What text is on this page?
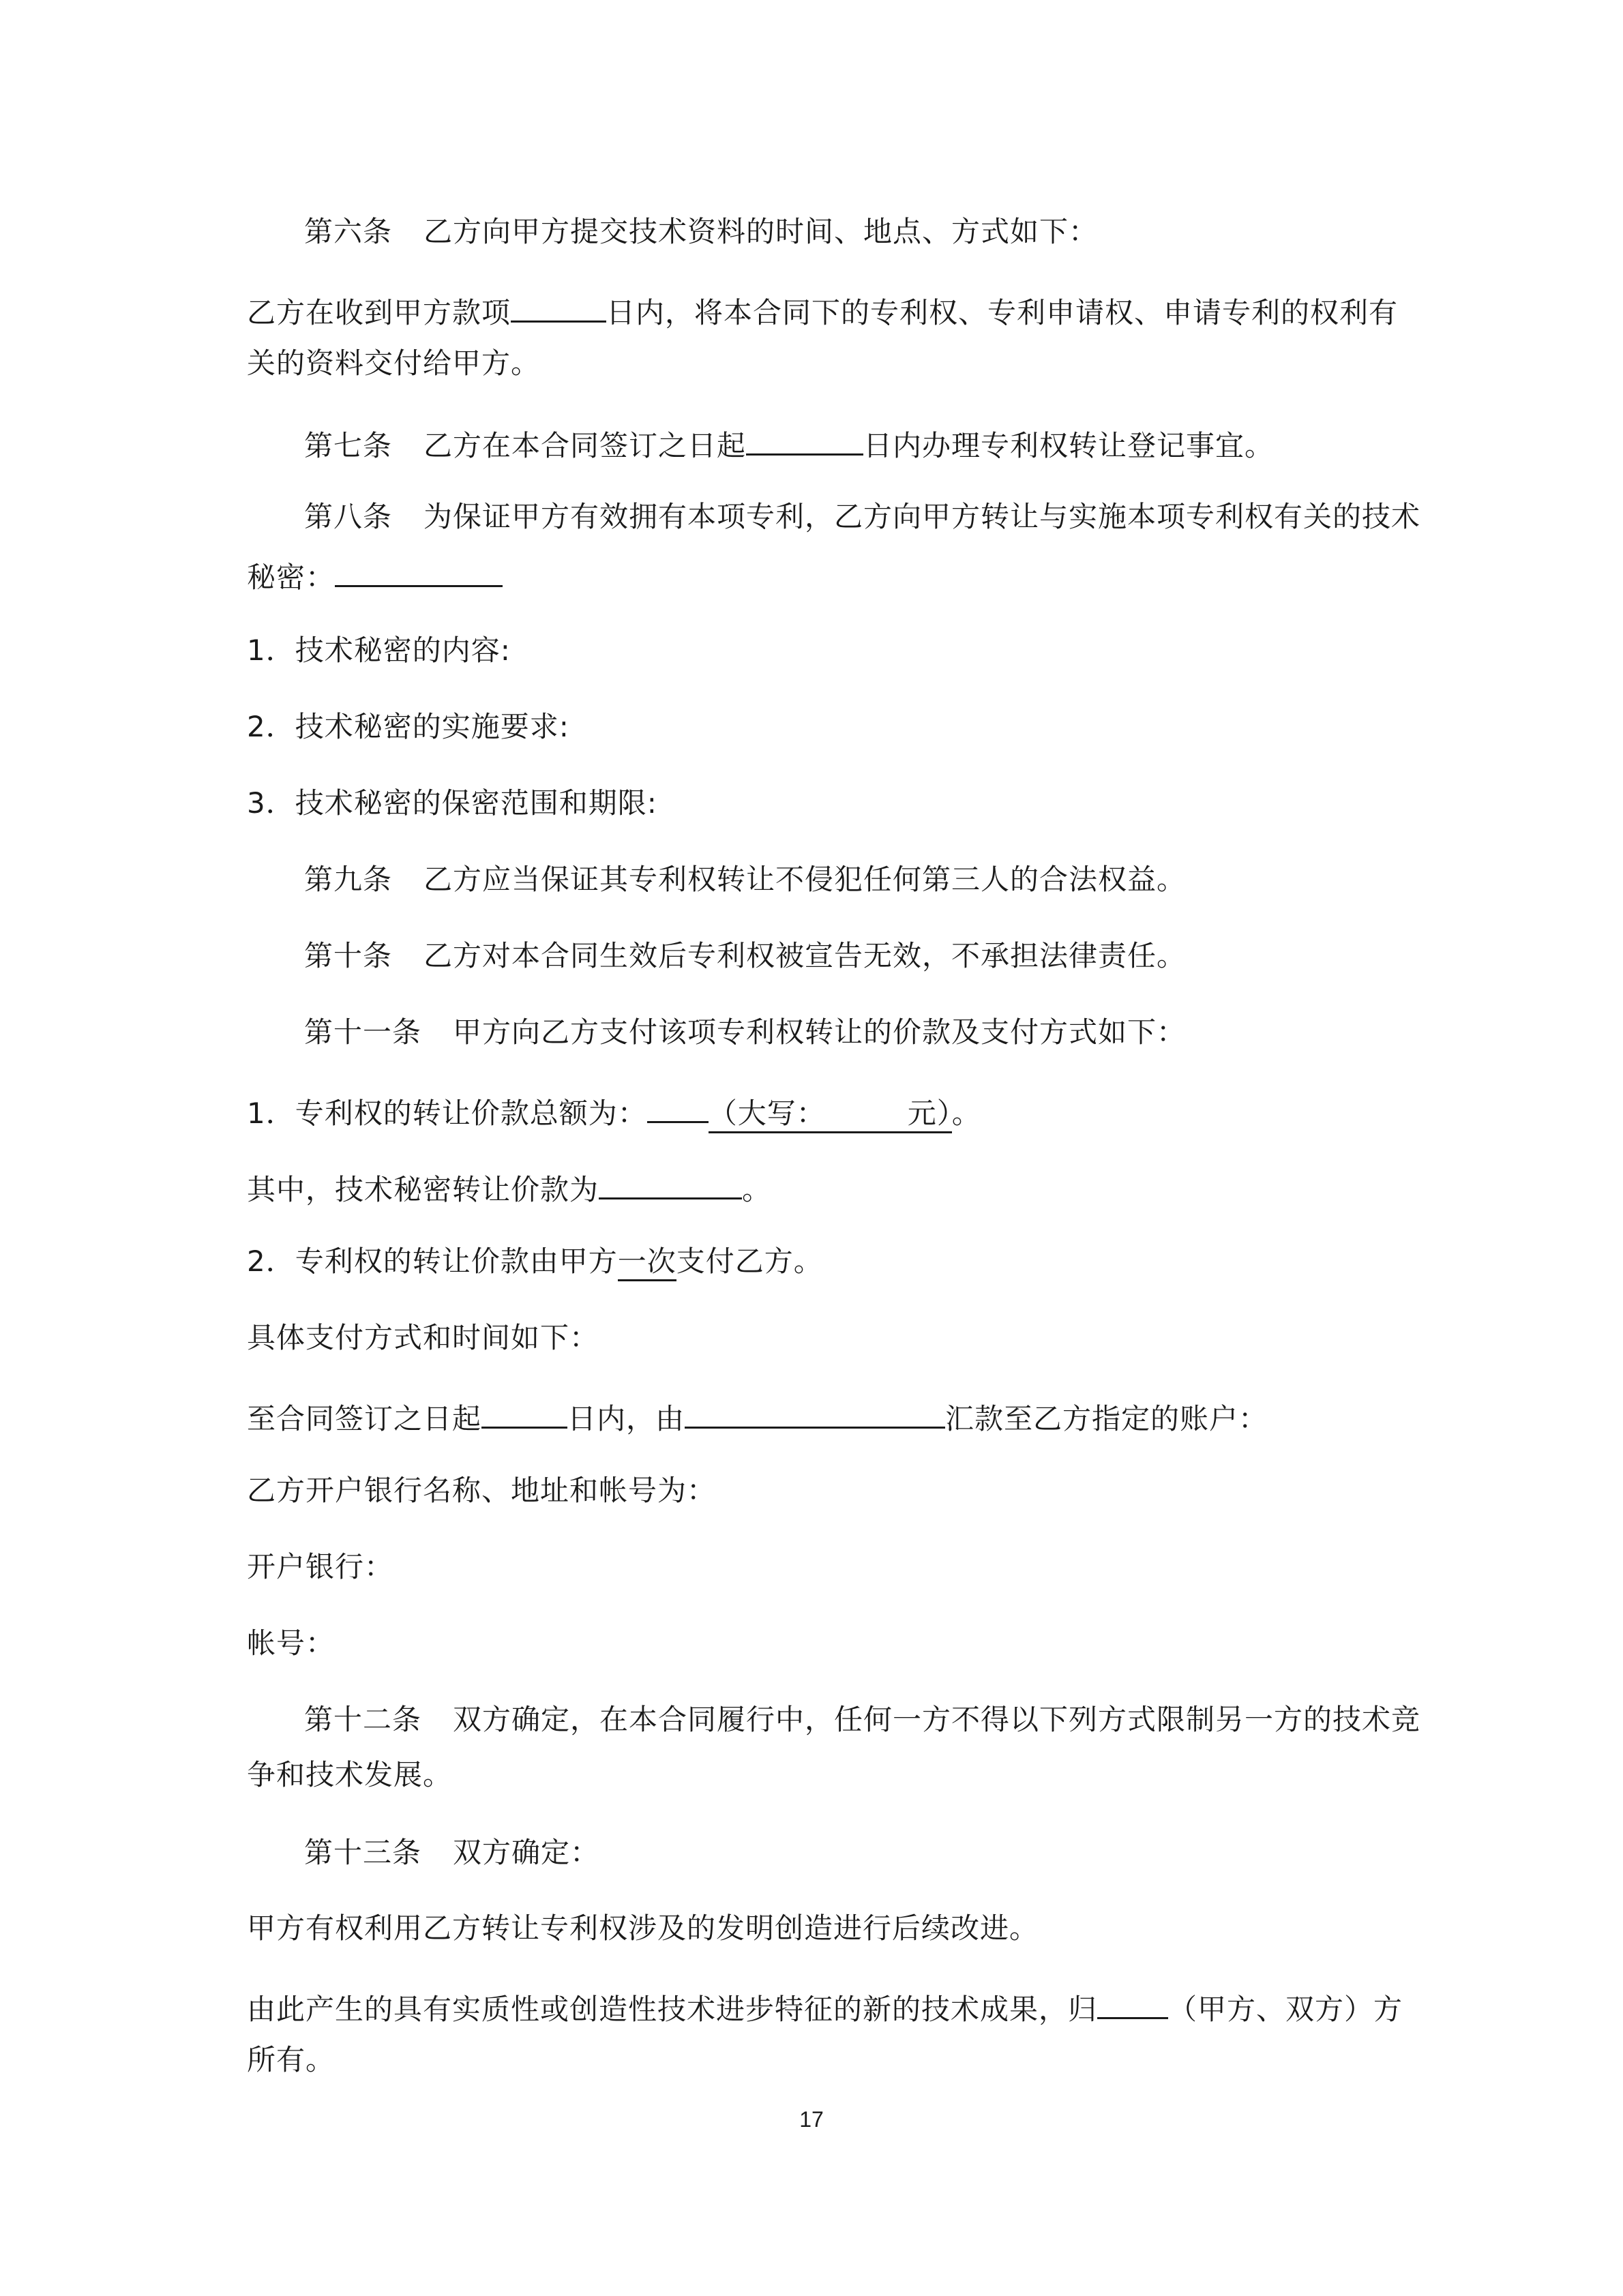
第六条 乙方向甲方提交技术资料的时间、地点、方式如下：
乙方在收到甲方款项	日内，将本合同下的专利权、专利申请权、申请专利的权利有
关的资料交付给甲方。
第七条 乙方在本合同签订之日起	日内办理专利权转让登记事宜。
第八条 为保证甲方有效拥有本项专利，乙方向甲方转让与实施本项专利权有关的技术
秘密：
1．技术秘密的内容:
2．技术秘密的实施要求:
3．技术秘密的保密范围和期限:
第九条 乙方应当保证其专利权转让不侵犯任何第三人的合法权益。
第十条 乙方对本合同生效后专利权被宣告无效，不承担法律责任。
第十一条 甲方向乙方支付该项专利权转让的价款及支付方式如下：
1．专利权的转让价款总额为： （大写：	元）。
其中，技术秘密转让价款为	。
2．专利权的转让价款由甲方一次支付乙方。
具体支付方式和时间如下：
至合同签订之日起	日内，由	汇款至乙方指定的账户：
乙方开户银行名称、地址和帐号为：
开户银行：
帐号：
第十二条 双方确定，在本合同履行中，任何一方不得以下列方式限制另一方的技术竞
争和技术发展。
第十三条 双方确定：
甲方有权利用乙方转让专利权涉及的发明创造进行后续改进。
由此产生的具有实质性或创造性技术进步特征的新的技术成果，归 （甲方、双方）方
所有。
17
